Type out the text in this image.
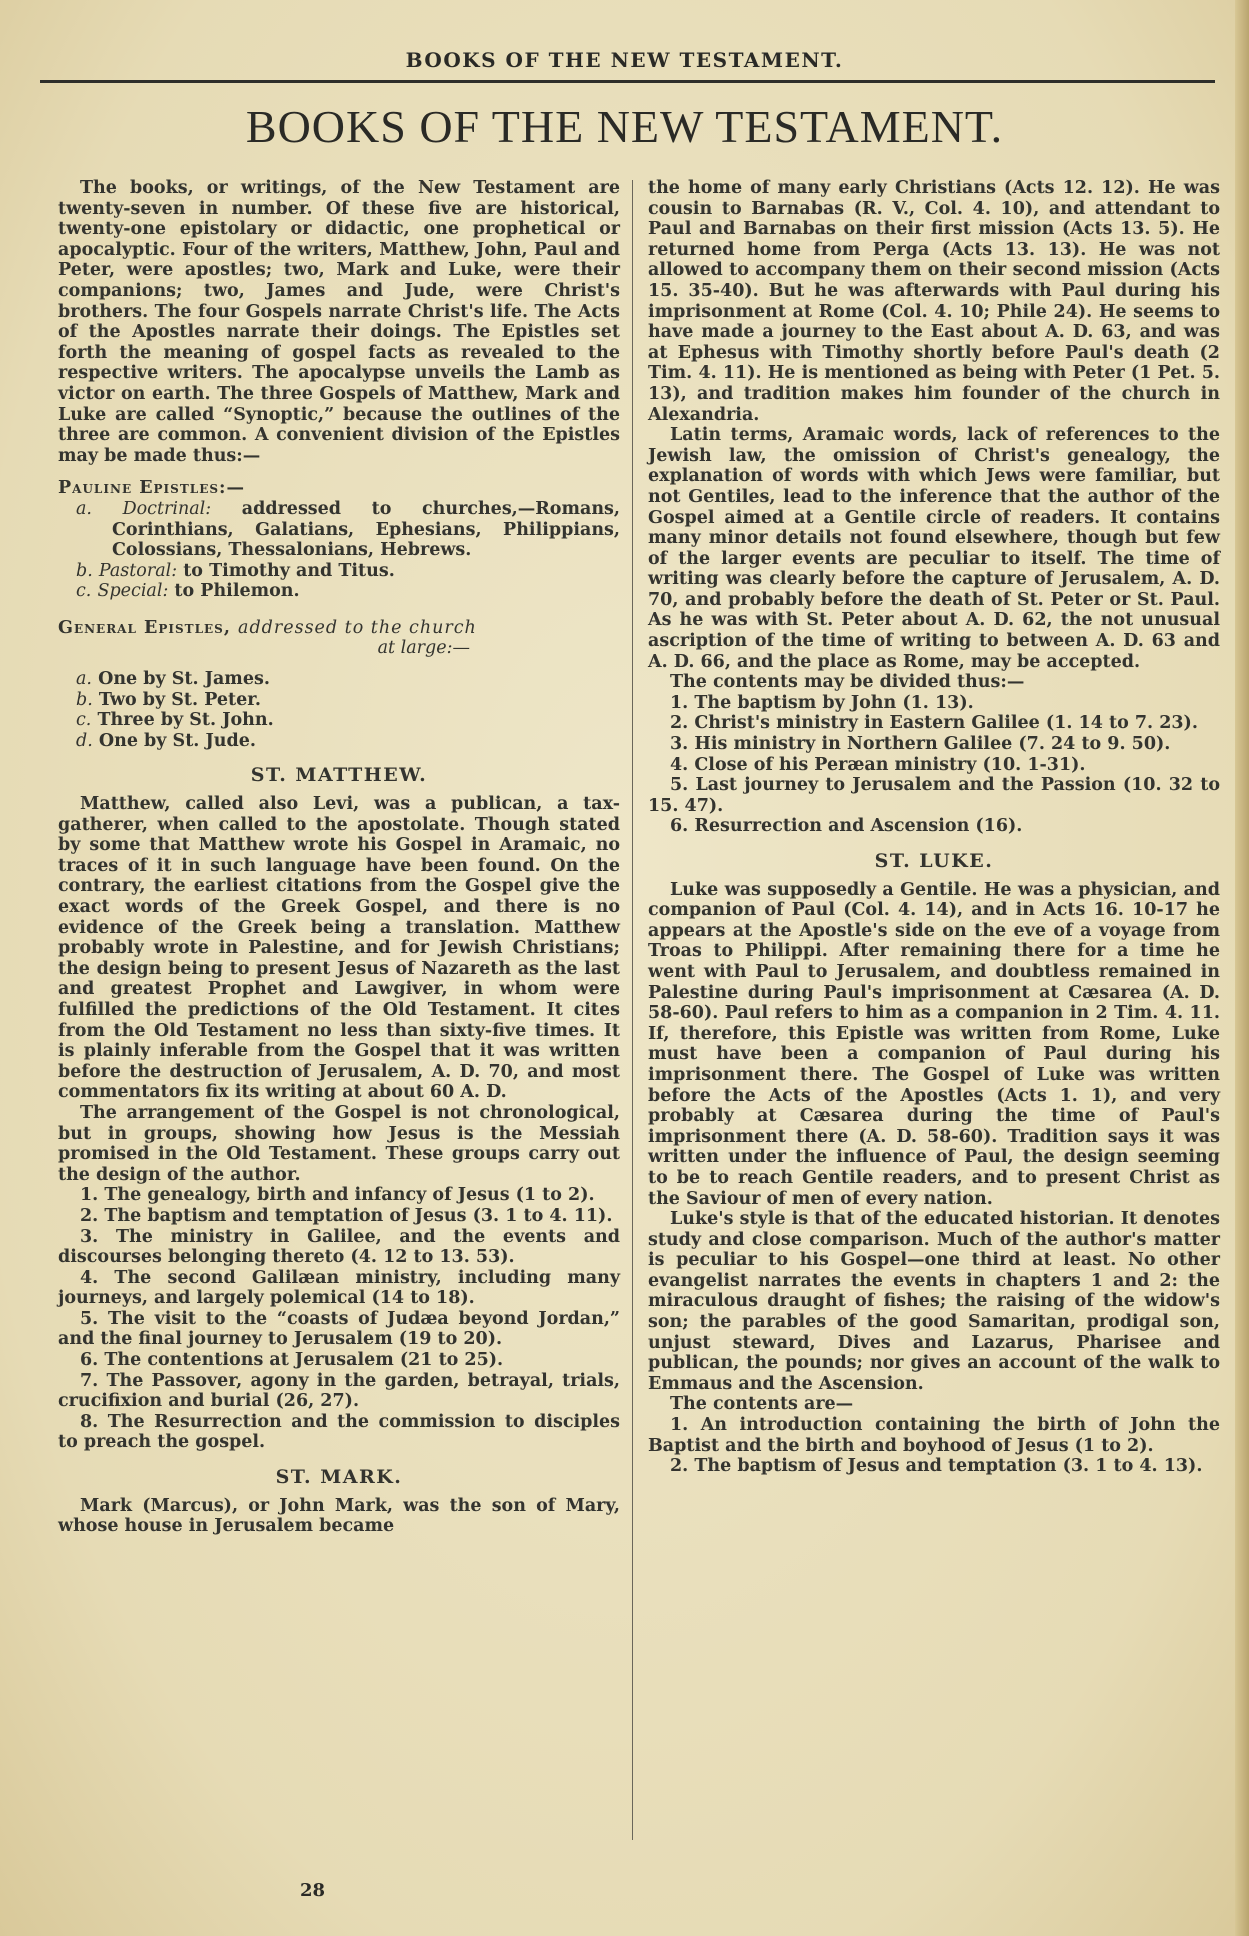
BOOKS OF THE NEW TESTAMENT.
BOOKS OF THE NEW TESTAMENT.

The books, or writings, of the New Testament are twenty-seven in number. Of these five are historical, twenty-one epistolary or didactic, one prophetical or apocalyptic. Four of the writers, Matthew, John, Paul and Peter, were apostles; two, Mark and Luke, were their companions; two, James and Jude, were Christ's brothers. The four Gospels narrate Christ's life. The Acts of the Apostles narrate their doings. The Epistles set forth the meaning of gospel facts as revealed to the respective writers. The apocalypse unveils the Lamb as victor on earth. The three Gospels of Matthew, Mark and Luke are called “Synoptic,” because the outlines of the three are common. A convenient division of the Epistles may be made thus:—

Pauline Epistles:—

a. Doctrinal: addressed to churches,—Romans, Corinthians, Galatians, Ephesians, Philippians, Colossians, Thessalonians, Hebrews.

b. Pastoral: to Timothy and Titus.

c. Special: to Philemon.

General Epistles, addressed to the church

at large:—

a. One by St. James.

b. Two by St. Peter.

c. Three by St. John.

d. One by St. Jude.

ST. MATTHEW.

Matthew, called also Levi, was a publican, a tax-gatherer, when called to the apostolate. Though stated by some that Matthew wrote his Gospel in Aramaic, no traces of it in such language have been found. On the contrary, the earliest citations from the Gospel give the exact words of the Greek Gospel, and there is no evidence of the Greek being a translation. Matthew probably wrote in Palestine, and for Jewish Christians; the design being to present Jesus of Nazareth as the last and greatest Prophet and Lawgiver, in whom were fulfilled the predictions of the Old Testament. It cites from the Old Testament no less than sixty-five times. It is plainly inferable from the Gospel that it was written before the destruction of Jerusalem, A. D. 70, and most commentators fix its writing at about 60 A. D.

The arrangement of the Gospel is not chronological, but in groups, showing how Jesus is the Messiah promised in the Old Testament. These groups carry out the design of the author.

1. The genealogy, birth and infancy of Jesus (1 to 2).

2. The baptism and temptation of Jesus (3. 1 to 4. 11).

3. The ministry in Galilee, and the events and discourses belonging thereto (4. 12 to 13. 53).

4. The second Galilæan ministry, including many journeys, and largely polemical (14 to 18).

5. The visit to the “coasts of Judæa beyond Jordan,” and the final journey to Jerusalem (19 to 20).

6. The contentions at Jerusalem (21 to 25).

7. The Passover, agony in the garden, betrayal, trials, crucifixion and burial (26, 27).

8. The Resurrection and the commission to disciples to preach the gospel.

ST. MARK.

Mark (Marcus), or John Mark, was the son of Mary, whose house in Jerusalem became

the home of many early Christians (Acts 12. 12). He was cousin to Barnabas (R. V., Col. 4. 10), and attendant to Paul and Barnabas on their first mission (Acts 13. 5). He returned home from Perga (Acts 13. 13). He was not allowed to accompany them on their second mission (Acts 15. 35-40). But he was afterwards with Paul during his imprisonment at Rome (Col. 4. 10; Phile 24). He seems to have made a journey to the East about A. D. 63, and was at Ephesus with Timothy shortly before Paul's death (2 Tim. 4. 11). He is mentioned as being with Peter (1 Pet. 5. 13), and tradition makes him founder of the church in Alexandria.

Latin terms, Aramaic words, lack of references to the Jewish law, the omission of Christ's genealogy, the explanation of words with which Jews were familiar, but not Gentiles, lead to the inference that the author of the Gospel aimed at a Gentile circle of readers. It contains many minor details not found elsewhere, though but few of the larger events are peculiar to itself. The time of writing was clearly before the capture of Jerusalem, A. D. 70, and probably before the death of St. Peter or St. Paul. As he was with St. Peter about A. D. 62, the not unusual ascription of the time of writing to between A. D. 63 and A. D. 66, and the place as Rome, may be accepted.

The contents may be divided thus:—

1. The baptism by John (1. 13).

2. Christ's ministry in Eastern Galilee (1. 14 to 7. 23).

3. His ministry in Northern Galilee (7. 24 to 9. 50).

4. Close of his Peræan ministry (10. 1-31).

5. Last journey to Jerusalem and the Passion (10. 32 to 15. 47).

6. Resurrection and Ascension (16).

ST. LUKE.

Luke was supposedly a Gentile. He was a physician, and companion of Paul (Col. 4. 14), and in Acts 16. 10-17 he appears at the Apostle's side on the eve of a voyage from Troas to Philippi. After remaining there for a time he went with Paul to Jerusalem, and doubtless remained in Palestine during Paul's imprisonment at Cæsarea (A. D. 58-60). Paul refers to him as a companion in 2 Tim. 4. 11. If, therefore, this Epistle was written from Rome, Luke must have been a companion of Paul during his imprisonment there. The Gospel of Luke was written before the Acts of the Apostles (Acts 1. 1), and very probably at Cæsarea during the time of Paul's imprisonment there (A. D. 58-60). Tradition says it was written under the influence of Paul, the design seeming to be to reach Gentile readers, and to present Christ as the Saviour of men of every nation.

Luke's style is that of the educated historian. It denotes study and close comparison. Much of the author's matter is peculiar to his Gospel—one third at least. No other evangelist narrates the events in chapters 1 and 2: the miraculous draught of fishes; the raising of the widow's son; the parables of the good Samaritan, prodigal son, unjust steward, Dives and Lazarus, Pharisee and publican, the pounds; nor gives an account of the walk to Emmaus and the Ascension.

The contents are—

1. An introduction containing the birth of John the Baptist and the birth and boyhood of Jesus (1 to 2).

2. The baptism of Jesus and temptation (3. 1 to 4. 13).

28
